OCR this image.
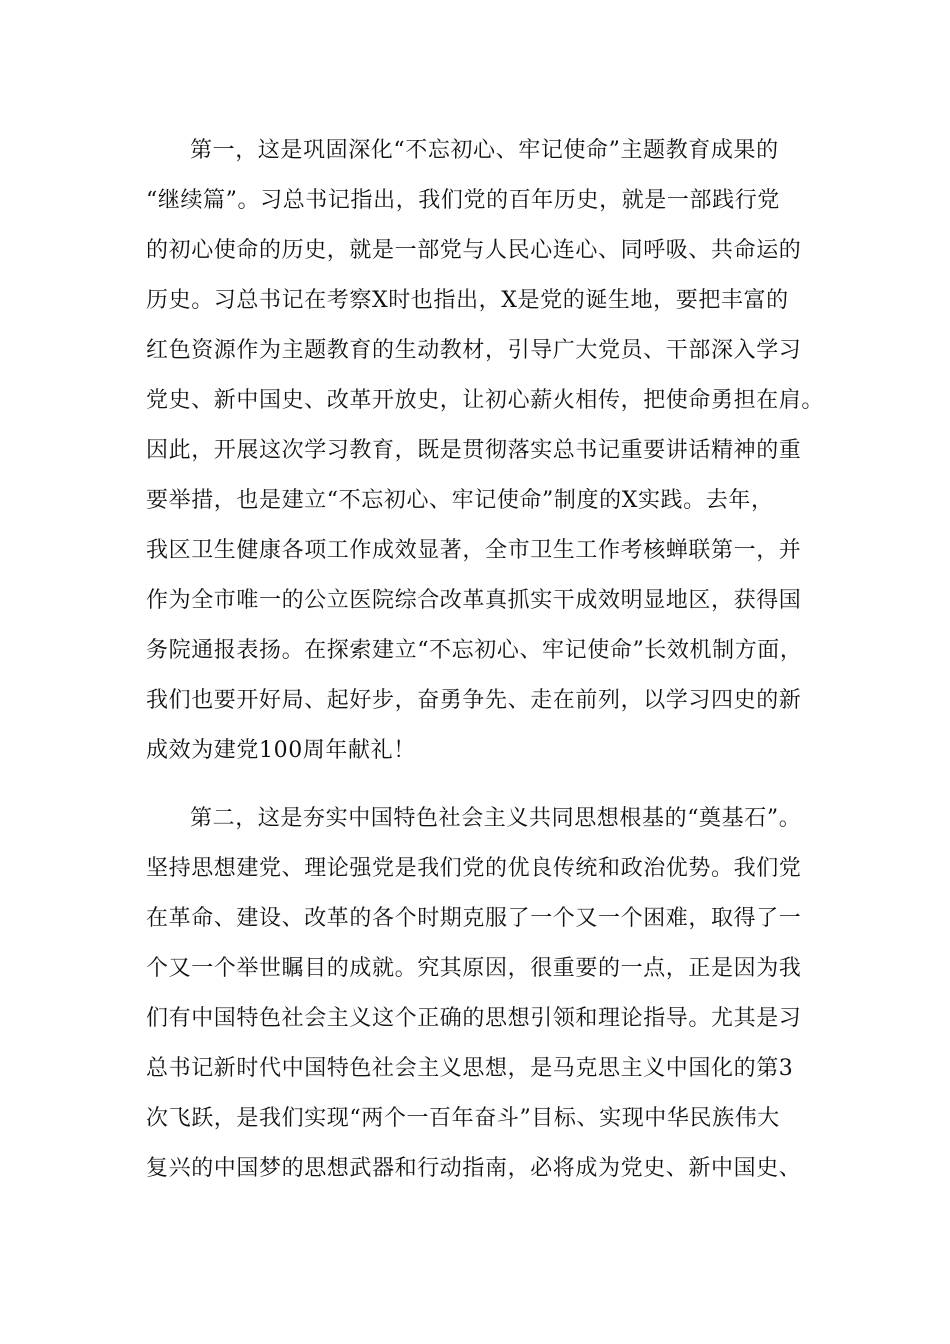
第一，这是巩固深化“不忘初心、牢记使命”主题教育成果的
“继续篇”。习总书记指出，我们党的百年历史，就是一部践行党
的初心使命的历史，就是一部党与人民心连心、同呼吸、共命运的
历史。习总书记在考察X时也指出，X是党的诞生地，要把丰富的
红色资源作为主题教育的生动教材，引导广大党员、干部深入学习
党史、新中国史、改革开放史，让初心薪火相传，把使命勇担在肩。
因此，开展这次学习教育，既是贯彻落实总书记重要讲话精神的重
要举措，也是建立“不忘初心、牢记使命”制度的X实践。去年，
我区卫生健康各项工作成效显著，全市卫生工作考核蝉联第一，并
作为全市唯一的公立医院综合改革真抓实干成效明显地区，获得国
务院通报表扬。在探索建立“不忘初心、牢记使命”长效机制方面，
我们也要开好局、起好步，奋勇争先、走在前列，以学习四史的新
成效为建党100周年献礼！
第二，这是夯实中国特色社会主义共同思想根基的“奠基石”。
坚持思想建党、理论强党是我们党的优良传统和政治优势。我们党
在革命、建设、改革的各个时期克服了一个又一个困难，取得了一
个又一个举世瞩目的成就。究其原因，很重要的一点，正是因为我
们有中国特色社会主义这个正确的思想引领和理论指导。尤其是习
总书记新时代中国特色社会主义思想，是马克思主义中国化的第3
次飞跃，是我们实现“两个一百年奋斗”目标、实现中华民族伟大
复兴的中国梦的思想武器和行动指南，必将成为党史、新中国史、
